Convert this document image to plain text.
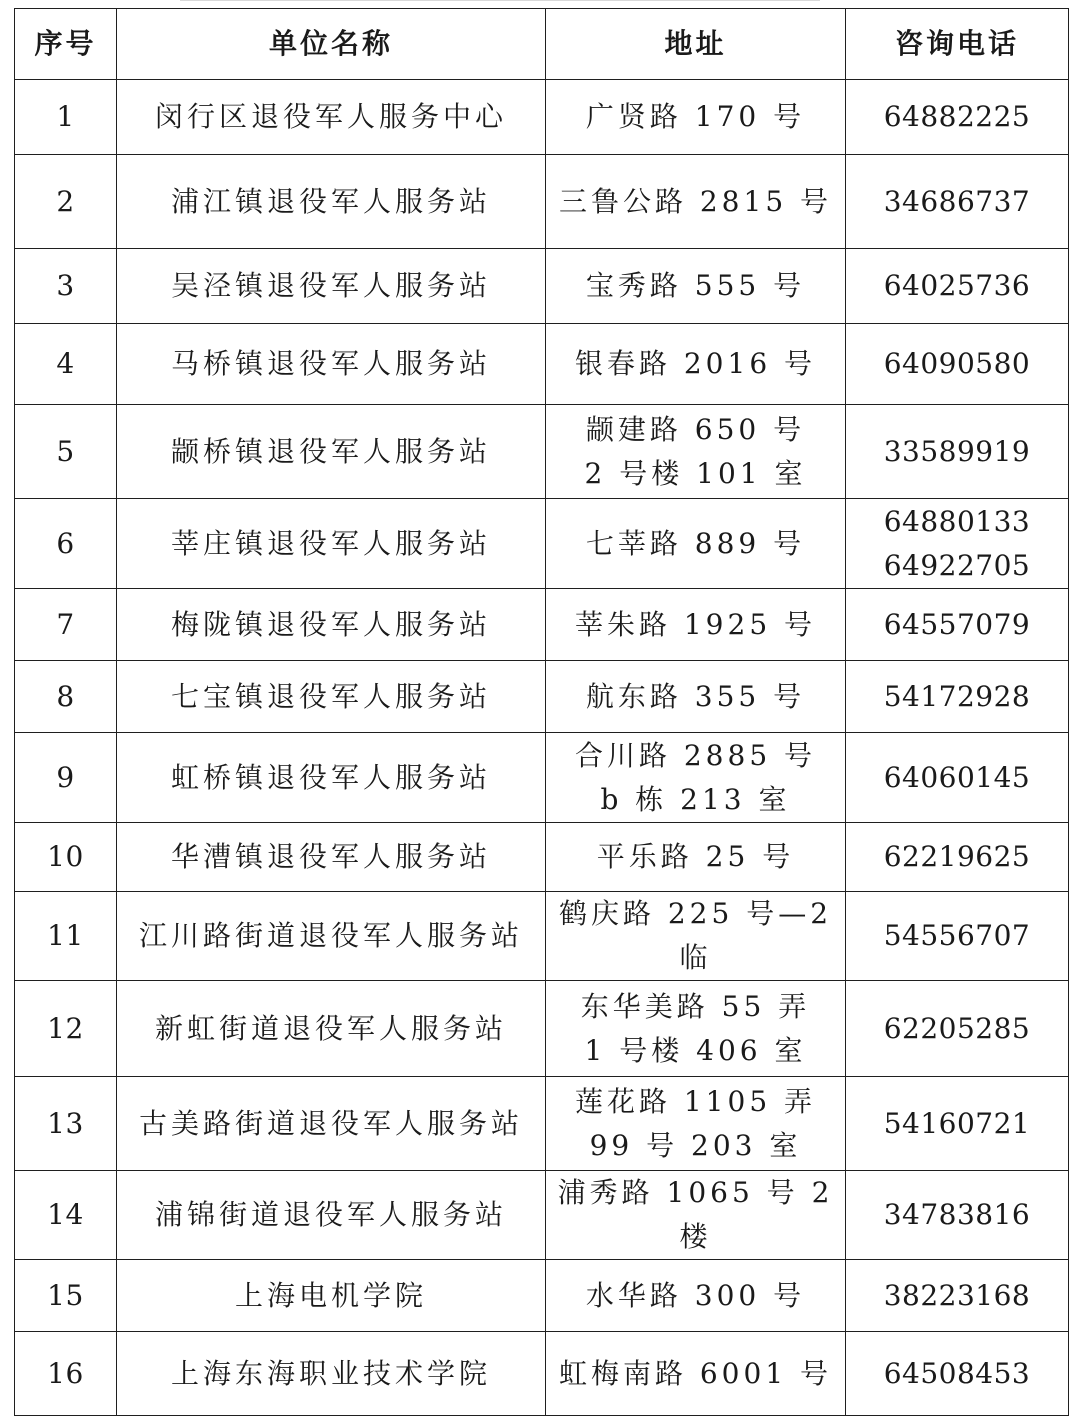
序号	单位名称	地址	咨询电话
1	闵行区退役军人服务中心	广贤路 170 号	64882225

2	浦江镇退役军人服务站	三鲁公路 2815 号	34686737

3	吴泾镇退役军人服务站	宝秀路 555 号	64025736

4	马桥镇退役军人服务站	银春路 2016 号	64090580

5	颛桥镇退役军人服务站	颛建路 650 号
2 号楼 101 室	33589919

6	莘庄镇退役军人服务站	七莘路 889 号	64880133
64922705

7	梅陇镇退役军人服务站	莘朱路 1925 号	64557079

8	七宝镇退役军人服务站	航东路 355 号	54172928

9	虹桥镇退役军人服务站	合川路 2885 号
b 栋 213 室	64060145

10	华漕镇退役军人服务站	平乐路 25 号	62219625

11	江川路街道退役军人服务站	鹤庆路 225 号—2 临	54556707

12	新虹街道退役军人服务站	东华美路 55 弄
1 号楼 406 室	62205285

13	古美路街道退役军人服务站	莲花路 1105 弄
99 号 203 室	54160721

14	浦锦街道退役军人服务站	浦秀路 1065 号 2 楼	34783816

15	上海电机学院	水华路 300 号	38223168

16	上海东海职业技术学院	虹梅南路 6001 号	64508453
